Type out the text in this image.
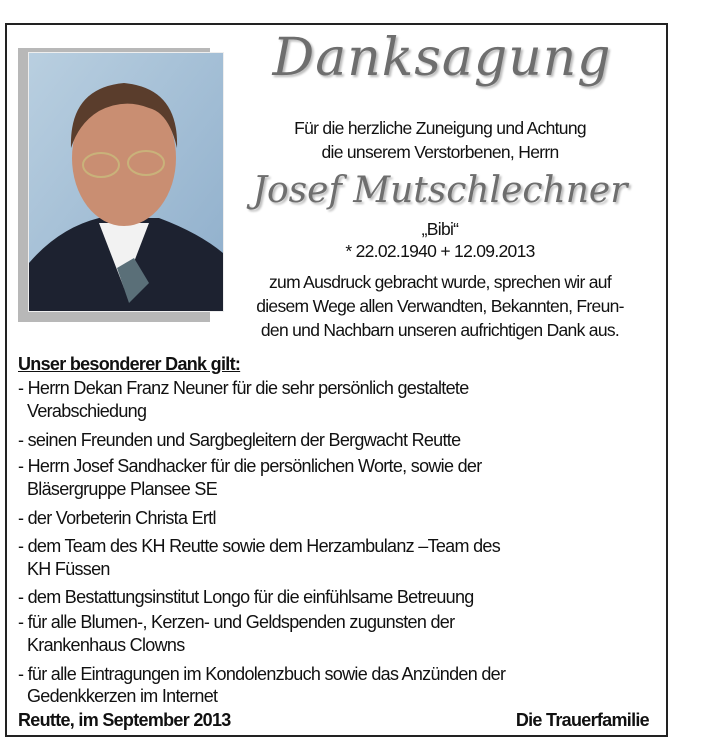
Danksagung
Für die herzliche Zuneigung und Achtung
die unserem Verstorbenen, Herrn
Josef Mutschlechner
„Bibi“
* 22.02.1940 + 12.09.2013
zum Ausdruck gebracht wurde, sprechen wir auf
diesem Wege allen Verwandten, Bekannten, Freun-
den und Nachbarn unseren aufrichtigen Dank aus.
Unser besonderer Dank gilt:
- Herrn Dekan Franz Neuner für die sehr persönlich gestaltete
Verabschiedung
- seinen Freunden und Sargbegleitern der Bergwacht Reutte
- Herrn Josef Sandhacker für die persönlichen Worte, sowie der
Bläsergruppe Plansee SE
- der Vorbeterin Christa Ertl
- dem Team des KH Reutte sowie dem Herzambulanz –Team des
KH Füssen
- dem Bestattungsinstitut Longo für die einfühlsame Betreuung
- für alle Blumen-, Kerzen- und Geldspenden zugunsten der
Krankenhaus Clowns
- für alle Eintragungen im Kondolenzbuch sowie das Anzünden der
Gedenkkerzen im Internet
Reutte, im September 2013	Die Trauerfamilie
